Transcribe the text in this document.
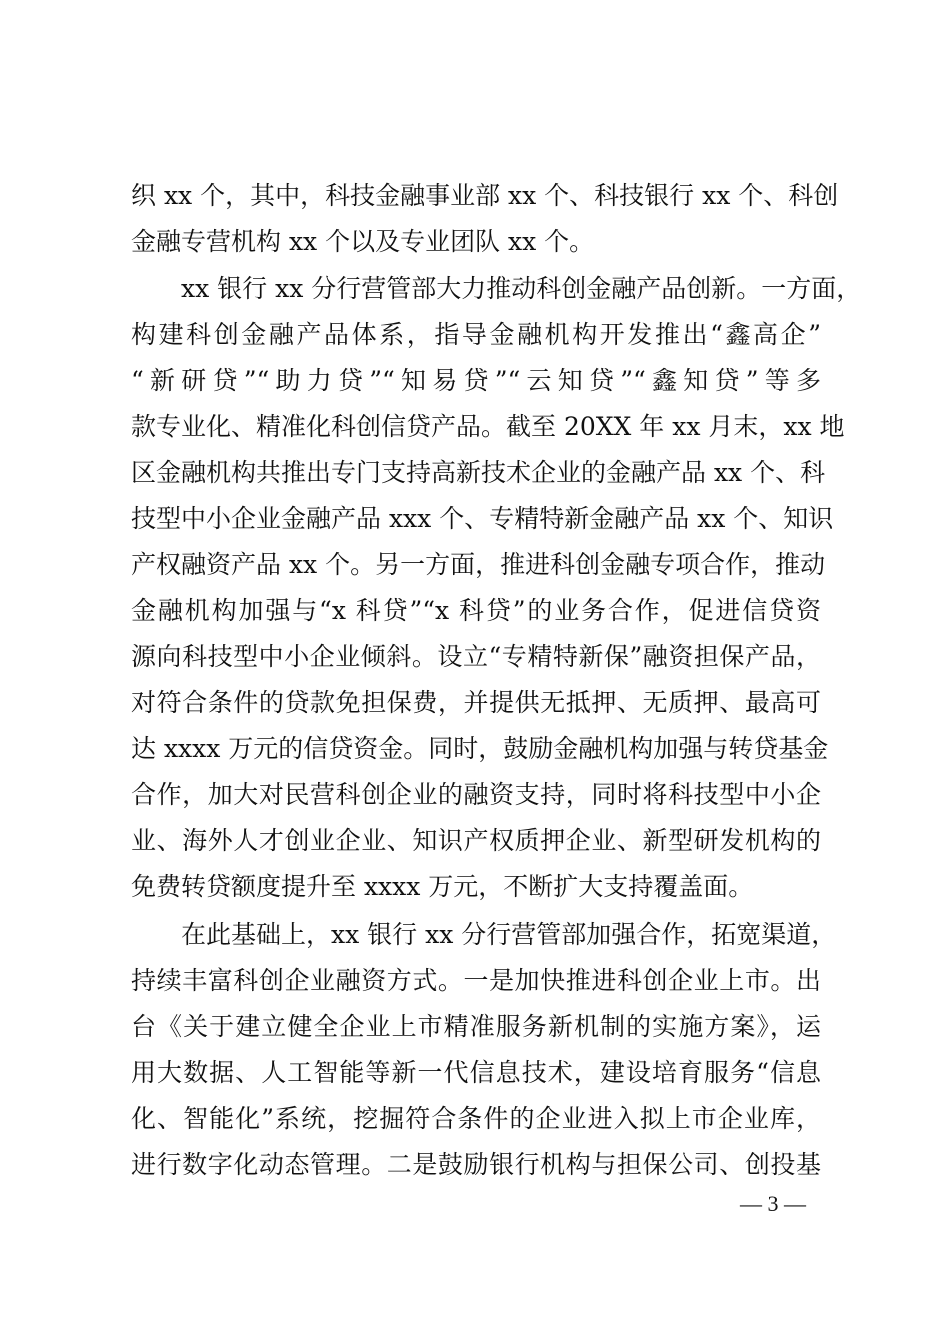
织 xx 个，其中，科技金融事业部 xx 个、科技银行 xx 个、科创
金融专营机构 xx 个以及专业团队 xx 个。
xx 银行 xx 分行营管部大力推动科创金融产品创新。一方面，
构建科创金融产品体系，指导金融机构开发推出“鑫高企”
“新研贷”“助力贷”“知易贷”“云知贷”“鑫知贷”等多
款专业化、精准化科创信贷产品。截至 20XX 年 xx 月末，xx 地
区金融机构共推出专门支持高新技术企业的金融产品 xx 个、科
技型中小企业金融产品 xxx 个、专精特新金融产品 xx 个、知识
产权融资产品 xx 个。另一方面，推进科创金融专项合作，推动
金融机构加强与“x 科贷”“x 科贷”的业务合作，促进信贷资
源向科技型中小企业倾斜。设立“专精特新保”融资担保产品，
对符合条件的贷款免担保费，并提供无抵押、无质押、最高可
达 xxxx 万元的信贷资金。同时，鼓励金融机构加强与转贷基金
合作，加大对民营科创企业的融资支持，同时将科技型中小企
业、海外人才创业企业、知识产权质押企业、新型研发机构的
免费转贷额度提升至 xxxx 万元，不断扩大支持覆盖面。
在此基础上，xx 银行 xx 分行营管部加强合作，拓宽渠道，
持续丰富科创企业融资方式。一是加快推进科创企业上市。出
台《关于建立健全企业上市精准服务新机制的实施方案》，运
用大数据、人工智能等新一代信息技术，建设培育服务“信息
化、智能化”系统，挖掘符合条件的企业进入拟上市企业库，
进行数字化动态管理。二是鼓励银行机构与担保公司、创投基
— 3 —
